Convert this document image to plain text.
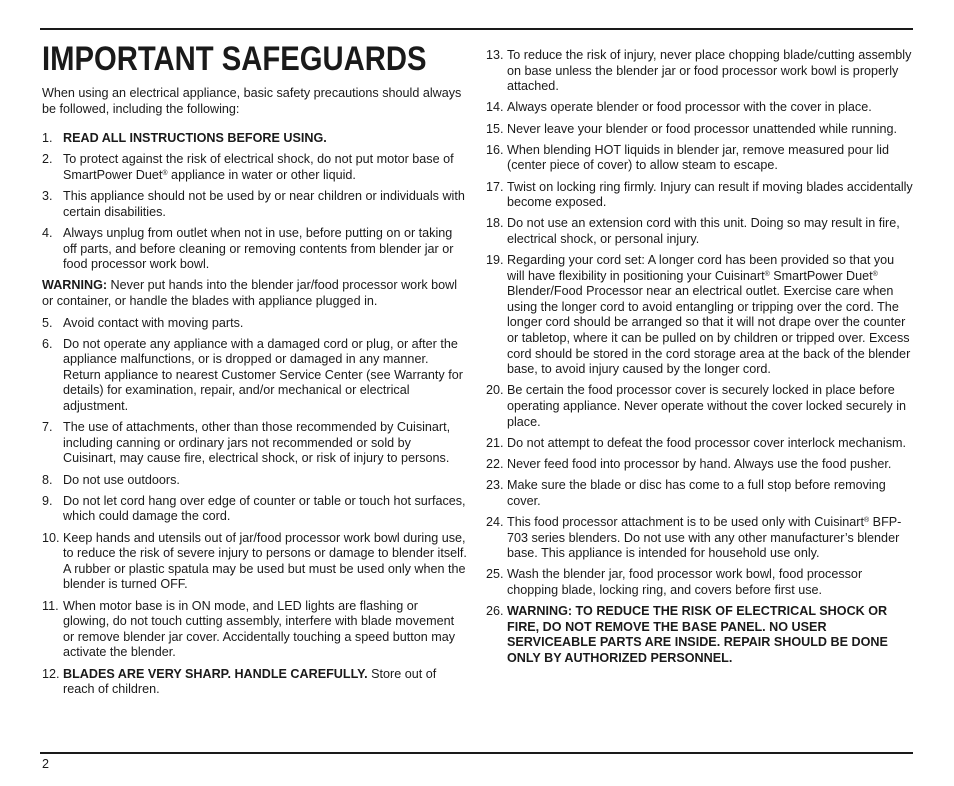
IMPORTANT SAFEGUARDS

When using an electrical appliance, basic safety precautions should always be followed, including the following:

1. READ ALL INSTRUCTIONS BEFORE USING.
2. To protect against the risk of electrical shock, do not put motor base of SmartPower Duet® appliance in water or other liquid.
3. This appliance should not be used by or near children or individuals with certain disabilities.
4. Always unplug from outlet when not in use, before putting on or taking off parts, and before cleaning or removing contents from blender jar or food processor work bowl.

WARNING: Never put hands into the blender jar/food processor work bowl or container, or handle the blades with appliance plugged in.

5. Avoid contact with moving parts.
6. Do not operate any appliance with a damaged cord or plug, or after the appliance malfunctions, or is dropped or damaged in any manner. Return appliance to nearest Customer Service Center (see Warranty for details) for examination, repair, and/or mechanical or electrical adjustment.
7. The use of attachments, other than those recommended by Cuisinart, including canning or ordinary jars not recommended or sold by Cuisinart, may cause fire, electrical shock, or risk of injury to persons.
8. Do not use outdoors.
9. Do not let cord hang over edge of counter or table or touch hot surfaces, which could damage the cord.
10. Keep hands and utensils out of jar/food processor work bowl during use, to reduce the risk of severe injury to persons or damage to blender itself. A rubber or plastic spatula may be used but must be used only when the blender is turned OFF.
11. When motor base is in ON mode, and LED lights are flashing or glowing, do not touch cutting assembly, interfere with blade movement or remove blender jar cover. Accidentally touching a speed button may activate the blender.
12. BLADES ARE VERY SHARP. HANDLE CAREFULLY. Store out of reach of children.
13. To reduce the risk of injury, never place chopping blade/cutting assembly on base unless the blender jar or food processor work bowl is properly attached.
14. Always operate blender or food processor with the cover in place.
15. Never leave your blender or food processor unattended while running.
16. When blending HOT liquids in blender jar, remove measured pour lid (center piece of cover) to allow steam to escape.
17. Twist on locking ring firmly. Injury can result if moving blades accidentally become exposed.
18. Do not use an extension cord with this unit. Doing so may result in fire, electrical shock, or personal injury.
19. Regarding your cord set: A longer cord has been provided so that you will have flexibility in positioning your Cuisinart® SmartPower Duet® Blender/Food Processor near an electrical outlet. Exercise care when using the longer cord to avoid entangling or tripping over the cord. The longer cord should be arranged so that it will not drape over the counter or tabletop, where it can be pulled on by children or tripped over. Excess cord should be stored in the cord storage area at the back of the blender base, to avoid injury caused by the longer cord.
20. Be certain the food processor cover is securely locked in place before operating appliance. Never operate without the cover locked securely in place.
21. Do not attempt to defeat the food processor cover interlock mechanism.
22. Never feed food into processor by hand. Always use the food pusher.
23. Make sure the blade or disc has come to a full stop before removing cover.
24. This food processor attachment is to be used only with Cuisinart® BFP-703 series blenders. Do not use with any other manufacturer’s blender base. This appliance is intended for household use only.
25. Wash the blender jar, food processor work bowl, food processor chopping blade, locking ring, and covers before first use.
26. WARNING: TO REDUCE THE RISK OF ELECTRICAL SHOCK OR FIRE, DO NOT REMOVE THE BASE PANEL. NO USER SERVICEABLE PARTS ARE INSIDE. REPAIR SHOULD BE DONE ONLY BY AUTHORIZED PERSONNEL.
2
